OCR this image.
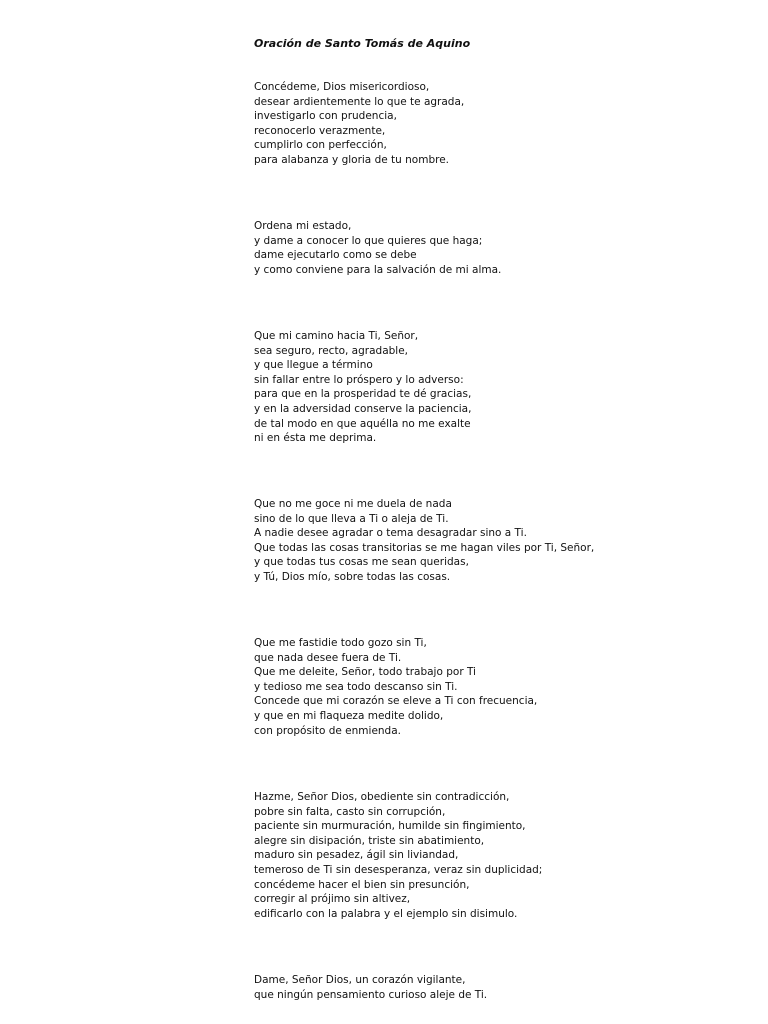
Oración de Santo Tomás de Aquino
Concédeme, Dios misericordioso,
desear ardientemente lo que te agrada,
investigarlo con prudencia,
reconocerlo verazmente,
cumplirlo con perfección,
para alabanza y gloria de tu nombre.
Ordena mi estado,
y dame a conocer lo que quieres que haga;
dame ejecutarlo como se debe
y como conviene para la salvación de mi alma.
Que mi camino hacia Ti, Señor,
sea seguro, recto, agradable,
y que llegue a término
sin fallar entre lo próspero y lo adverso:
para que en la prosperidad te dé gracias,
y en la adversidad conserve la paciencia,
de tal modo en que aquélla no me exalte
ni en ésta me deprima.
Que no me goce ni me duela de nada
sino de lo que lleva a Ti o aleja de Ti.
A nadie desee agradar o tema desagradar sino a Ti.
Que todas las cosas transitorias se me hagan viles por Ti, Señor,
y que todas tus cosas me sean queridas,
y Tú, Dios mío, sobre todas las cosas.
Que me fastidie todo gozo sin Ti,
que nada desee fuera de Ti.
Que me deleite, Señor, todo trabajo por Ti
y tedioso me sea todo descanso sin Ti.
Concede que mi corazón se eleve a Ti con frecuencia,
y que en mi flaqueza medite dolido,
con propósito de enmienda.
Hazme, Señor Dios, obediente sin contradicción,
pobre sin falta, casto sin corrupción,
paciente sin murmuración, humilde sin fingimiento,
alegre sin disipación, triste sin abatimiento,
maduro sin pesadez, ágil sin liviandad,
temeroso de Ti sin desesperanza, veraz sin duplicidad;
concédeme hacer el bien sin presunción,
corregir al prójimo sin altivez,
edificarlo con la palabra y el ejemplo sin disimulo.
Dame, Señor Dios, un corazón vigilante,
que ningún pensamiento curioso aleje de Ti.
